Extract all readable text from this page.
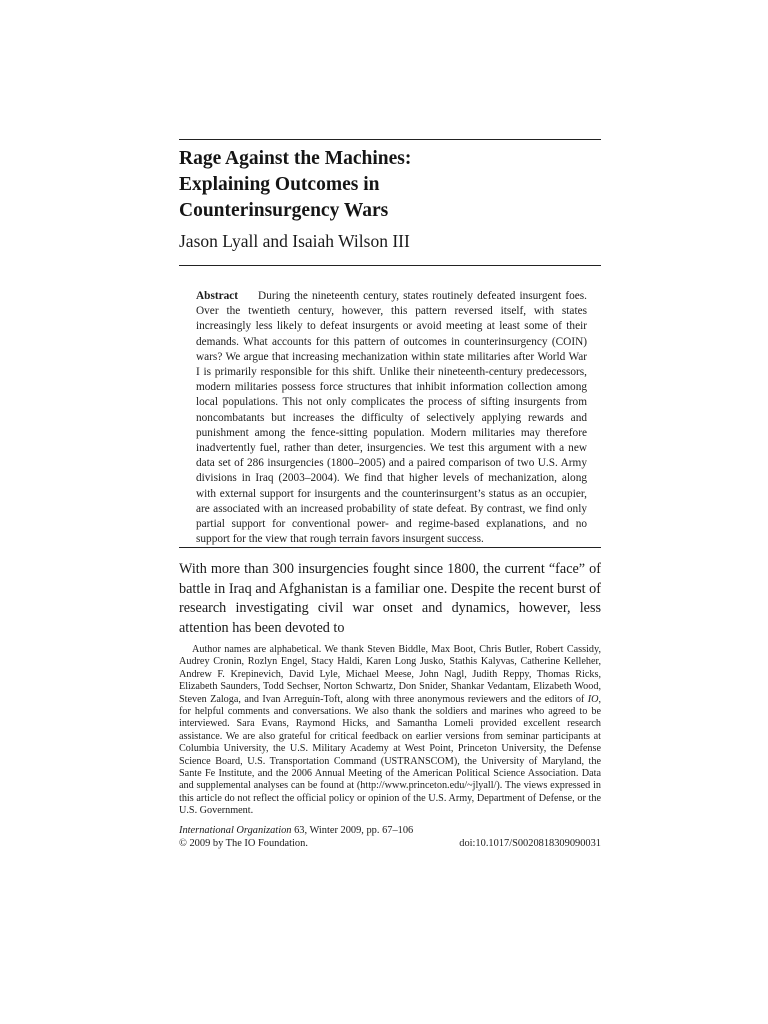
Rage Against the Machines:
Explaining Outcomes in
Counterinsurgency Wars
Jason Lyall and Isaiah Wilson III
Abstract During the nineteenth century, states routinely defeated insurgent foes. Over the twentieth century, however, this pattern reversed itself, with states increasingly less likely to defeat insurgents or avoid meeting at least some of their demands. What accounts for this pattern of outcomes in counterinsurgency (COIN) wars? We argue that increasing mechanization within state militaries after World War I is primarily responsible for this shift. Unlike their nineteenth-century predecessors, modern militaries possess force structures that inhibit information collection among local populations. This not only complicates the process of sifting insurgents from noncombatants but increases the difficulty of selectively applying rewards and punishment among the fence-sitting population. Modern militaries may therefore inadvertently fuel, rather than deter, insurgencies. We test this argument with a new data set of 286 insurgencies (1800–2005) and a paired comparison of two U.S. Army divisions in Iraq (2003–2004). We find that higher levels of mechanization, along with external support for insurgents and the counterinsurgent’s status as an occupier, are associated with an increased probability of state defeat. By contrast, we find only partial support for conventional power- and regime-based explanations, and no support for the view that rough terrain favors insurgent success.
With more than 300 insurgencies fought since 1800, the current “face” of battle in Iraq and Afghanistan is a familiar one. Despite the recent burst of research investigating civil war onset and dynamics, however, less attention has been devoted to
Author names are alphabetical. We thank Steven Biddle, Max Boot, Chris Butler, Robert Cassidy, Audrey Cronin, Rozlyn Engel, Stacy Haldi, Karen Long Jusko, Stathis Kalyvas, Catherine Kelleher, Andrew F. Krepinevich, David Lyle, Michael Meese, John Nagl, Judith Reppy, Thomas Ricks, Elizabeth Saunders, Todd Sechser, Norton Schwartz, Don Snider, Shankar Vedantam, Elizabeth Wood, Steven Zaloga, and Ivan Arreguín-Toft, along with three anonymous reviewers and the editors of IO, for helpful comments and conversations. We also thank the soldiers and marines who agreed to be interviewed. Sara Evans, Raymond Hicks, and Samantha Lomeli provided excellent research assistance. We are also grateful for critical feedback on earlier versions from seminar participants at Columbia University, the U.S. Military Academy at West Point, Princeton University, the Defense Science Board, U.S. Transportation Command (USTRANSCOM), the University of Maryland, the Sante Fe Institute, and the 2006 Annual Meeting of the American Political Science Association. Data and supplemental analyses can be found at (http://www.princeton.edu/~jlyall/). The views expressed in this article do not reflect the official policy or opinion of the U.S. Army, Department of Defense, or the U.S. Government.
International Organization 63, Winter 2009, pp. 67–106
© 2009 by The IO Foundation.	doi:10.1017/S0020818309090031
